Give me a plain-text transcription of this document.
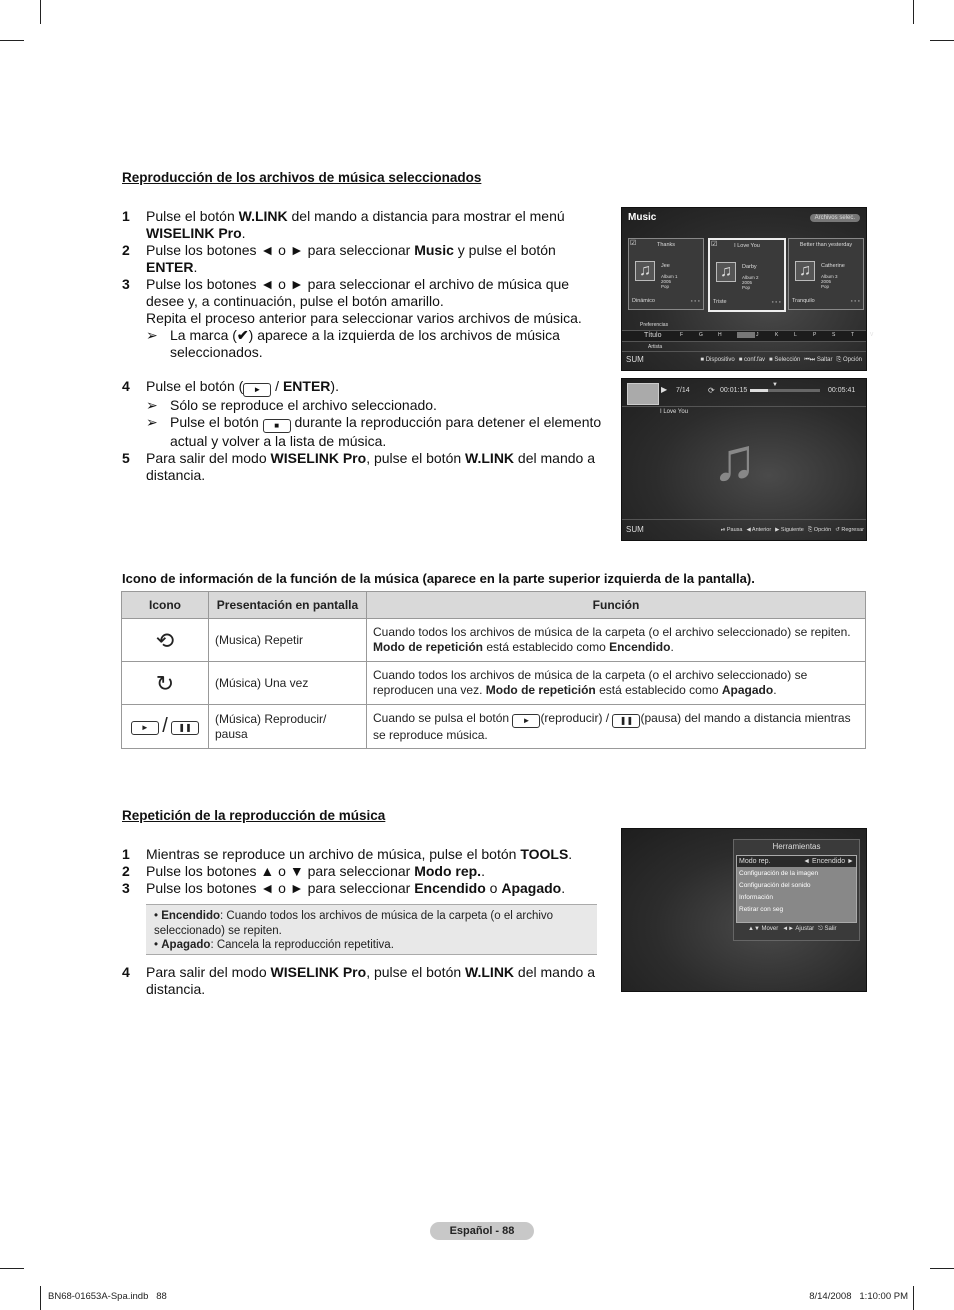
Reproducción de los archivos de música seleccionados
1 Pulse el botón W.LINK del mando a distancia para mostrar el menú WISELINK Pro.
2 Pulse los botones ◄ o ► para seleccionar Music y pulse el botón ENTER.
3 Pulse los botones ◄ o ► para seleccionar el archivo de música que desee y, a continuación, pulse el botón amarillo.
Repita el proceso anterior para seleccionar varios archivos de música.
➢ La marca (✔) aparece a la izquierda de los archivos de música seleccionados.
4 Pulse el botón ( ► / ENTER).
➢ Sólo se reproduce el archivo seleccionado.
➢ Pulse el botón ■ durante la reproducción para detener el elemento actual y volver a la lista de música.
5 Para salir del modo WISELINK Pro, pulse el botón W.LINK del mando a distancia.
Music	Archivos selec.
Thanks
☑
♫	Jee
Album 1
2005
Pop
Dinámico	● ● ●
I Love You
☑
♫	Darby
Album 2
2005
Pop
Triste	● ● ●
Better than yesterday
♫	Catherine
Album 3
2005
Pop
Tranquilo	● ● ●
Preferencias
Título	F	G	H	J	K	L	P	S	T	V
Artista
SUM	■ Dispositivo ■ conf.fav ■ Selección ⏮⏭ Saltar ⎘ Opción
▶ 7/14 ⟳ 00:01:15
▼
00:05:41
I Love You
♫
SUM	⏯ Pausa ◀ Anterior ▶ Siguiente ⎘ Opción ↺ Regresar
Icono de información de la función de la música (aparece en la parte superior izquierda de la pantalla).
Icono	Presentación en pantalla	Función
⟲	(Musica) Repetir	Cuando todos los archivos de música de la carpeta (o el archivo seleccionado) se repiten. Modo de repetición está establecido como Encendido.
↻	(Música) Una vez	Cuando todos los archivos de música de la carpeta (o el archivo seleccionado) se reproducen una vez. Modo de repetición está establecido como Apagado.
► / ❚❚	(Música) Reproducir/ pausa	Cuando se pulsa el botón ► (reproducir) / ❚❚ (pausa) del mando a distancia mientras se reproduce música.
Repetición de la reproducción de música
1 Mientras se reproduce un archivo de música, pulse el botón TOOLS.
2 Pulse los botones ▲ o ▼ para seleccionar Modo rep..
3 Pulse los botones ◄ o ► para seleccionar Encendido o Apagado.
• Encendido: Cuando todos los archivos de música de la carpeta (o el archivo seleccionado) se repiten.
• Apagado: Cancela la reproducción repetitiva.
4 Para salir del modo WISELINK Pro, pulse el botón W.LINK del mando a distancia.
Herramientas
Modo rep.	◄ Encendido ►
Configuración de la imagen
Configuración del sonido
Información
Retirar con seg
▲▼ Mover ◄► Ajustar ⎋ Salir
Español - 88
BN68-01653A-Spa.indb   88	8/14/2008   1:10:00 PM
